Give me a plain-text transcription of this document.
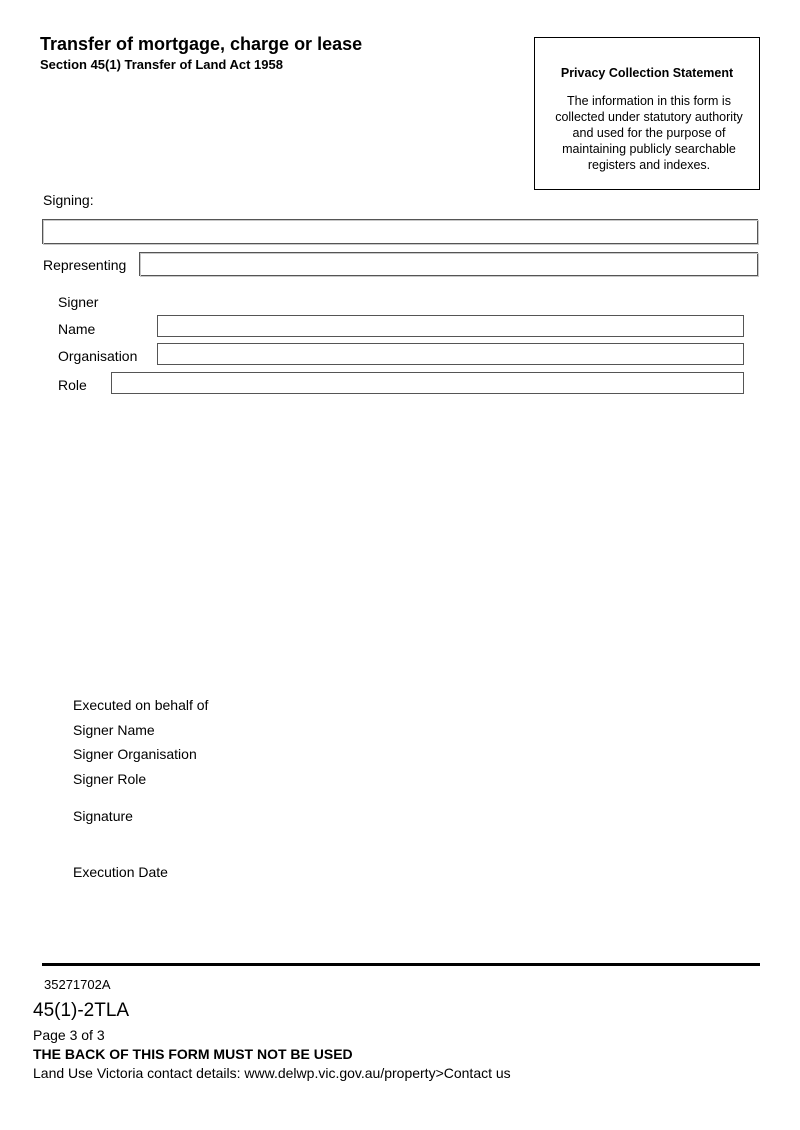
Transfer of mortgage, charge or lease
Section 45(1) Transfer of Land Act 1958
Privacy Collection Statement
The information in this form is collected under statutory authority and used for the purpose of maintaining publicly searchable registers and indexes.
Signing:
Representing
Signer
Name
Organisation
Role
Executed on behalf of
Signer Name
Signer Organisation
Signer Role
Signature
Execution Date
35271702A
45(1)-2TLA
Page 3 of 3
THE BACK OF THIS FORM MUST NOT BE USED
Land Use Victoria contact details: www.delwp.vic.gov.au/property>Contact us
